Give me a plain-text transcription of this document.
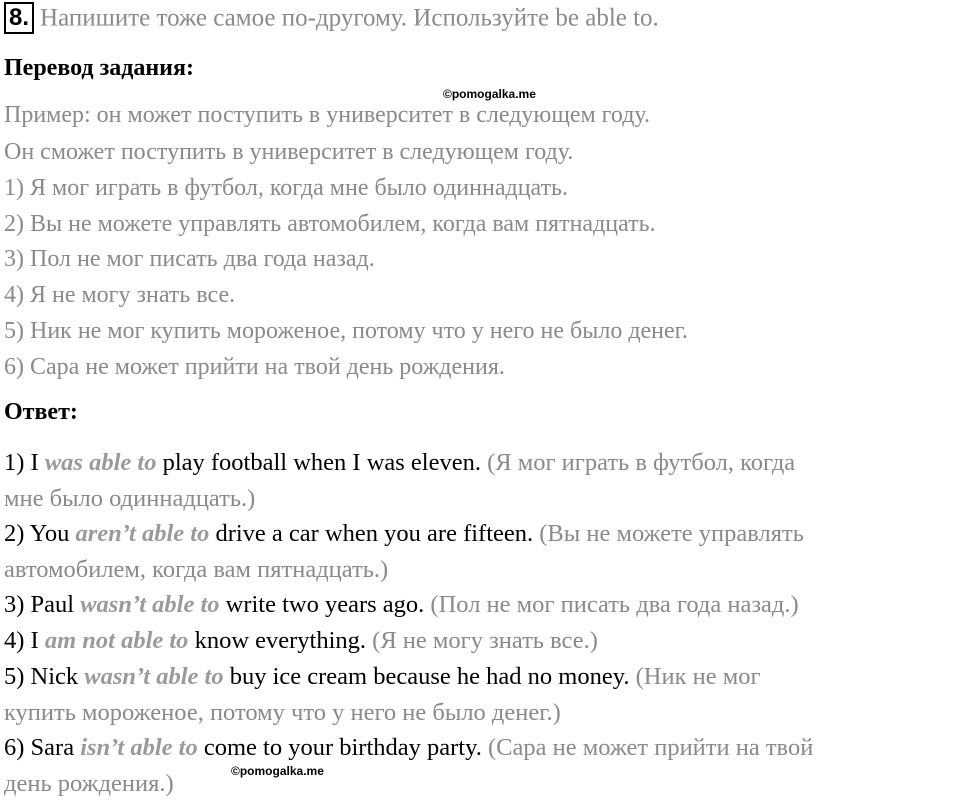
8. Напишите тоже самое по-другому. Используйте be able to.
Перевод задания:
©pomogalka.me
Пример: он может поступить в университет в следующем году.
Он сможет поступить в университет в следующем году.
1) Я мог играть в футбол, когда мне было одиннадцать.
2) Вы не можете управлять автомобилем, когда вам пятнадцать.
3) Пол не мог писать два года назад.
4) Я не могу знать все.
5) Ник не мог купить мороженое, потому что у него не было денег.
6) Сара не может прийти на твой день рождения.
Ответ:
1) I was able to play football when I was eleven. (Я мог играть в футбол, когда
мне было одиннадцать.)
2) You aren’t able to drive a car when you are fifteen. (Вы не можете управлять
автомобилем, когда вам пятнадцать.)
3) Paul wasn’t able to write two years ago. (Пол не мог писать два года назад.)
4) I am not able to know everything. (Я не могу знать все.)
5) Nick wasn’t able to buy ice cream because he had no money. (Ник не мог
купить мороженое, потому что у него не было денег.)
6) Sara isn’t able to come to your birthday party. (Сара не может прийти на твой
день рождения.)	©pomogalka.me
